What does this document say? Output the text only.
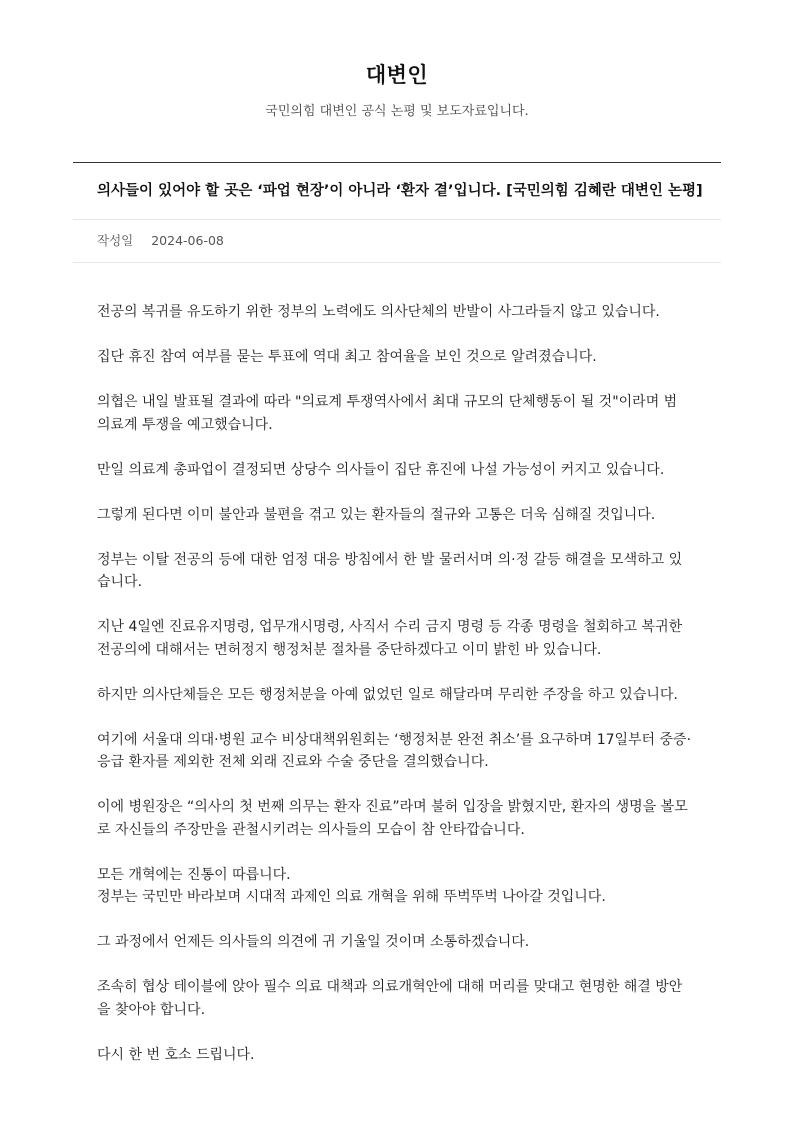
대변인
국민의힘 대변인 공식 논평 및 보도자료입니다.
의사들이 있어야 할 곳은 ‘파업 현장’이 아니라 ‘환자 곁’입니다. [국민의힘 김혜란 대변인 논평]
작성일 2024-06-08

전공의 복귀를 유도하기 위한 정부의 노력에도 의사단체의 반발이 사그라들지 않고 있습니다.

집단 휴진 참여 여부를 묻는 투표에 역대 최고 참여율을 보인 것으로 알려졌습니다.

의협은 내일 발표될 결과에 따라 "의료계 투쟁역사에서 최대 규모의 단체행동이 될 것"이라며 범
의료계 투쟁을 예고했습니다.

만일 의료계 총파업이 결정되면 상당수 의사들이 집단 휴진에 나설 가능성이 커지고 있습니다.

그렇게 된다면 이미 불안과 불편을 겪고 있는 환자들의 절규와 고통은 더욱 심해질 것입니다.

정부는 이탈 전공의 등에 대한 엄정 대응 방침에서 한 발 물러서며 의·정 갈등 해결을 모색하고 있
습니다.

지난 4일엔 진료유지명령, 업무개시명령, 사직서 수리 금지 명령 등 각종 명령을 철회하고 복귀한
전공의에 대해서는 면허정지 행정처분 절차를 중단하겠다고 이미 밝힌 바 있습니다.

하지만 의사단체들은 모든 행정처분을 아예 없었던 일로 해달라며 무리한 주장을 하고 있습니다.

여기에 서울대 의대·병원 교수 비상대책위원회는 ‘행정처분 완전 취소’를 요구하며 17일부터 중증·
응급 환자를 제외한 전체 외래 진료와 수술 중단을 결의했습니다.

이에 병원장은 “의사의 첫 번째 의무는 환자 진료”라며 불허 입장을 밝혔지만, 환자의 생명을 볼모
로 자신들의 주장만을 관철시키려는 의사들의 모습이 참 안타깝습니다.

모든 개혁에는 진통이 따릅니다.
정부는 국민만 바라보며 시대적 과제인 의료 개혁을 위해 뚜벅뚜벅 나아갈 것입니다.

그 과정에서 언제든 의사들의 의견에 귀 기울일 것이며 소통하겠습니다.

조속히 협상 테이블에 앉아 필수 의료 대책과 의료개혁안에 대해 머리를 맞대고 현명한 해결 방안
을 찾아야 합니다.

다시 한 번 호소 드립니다.
